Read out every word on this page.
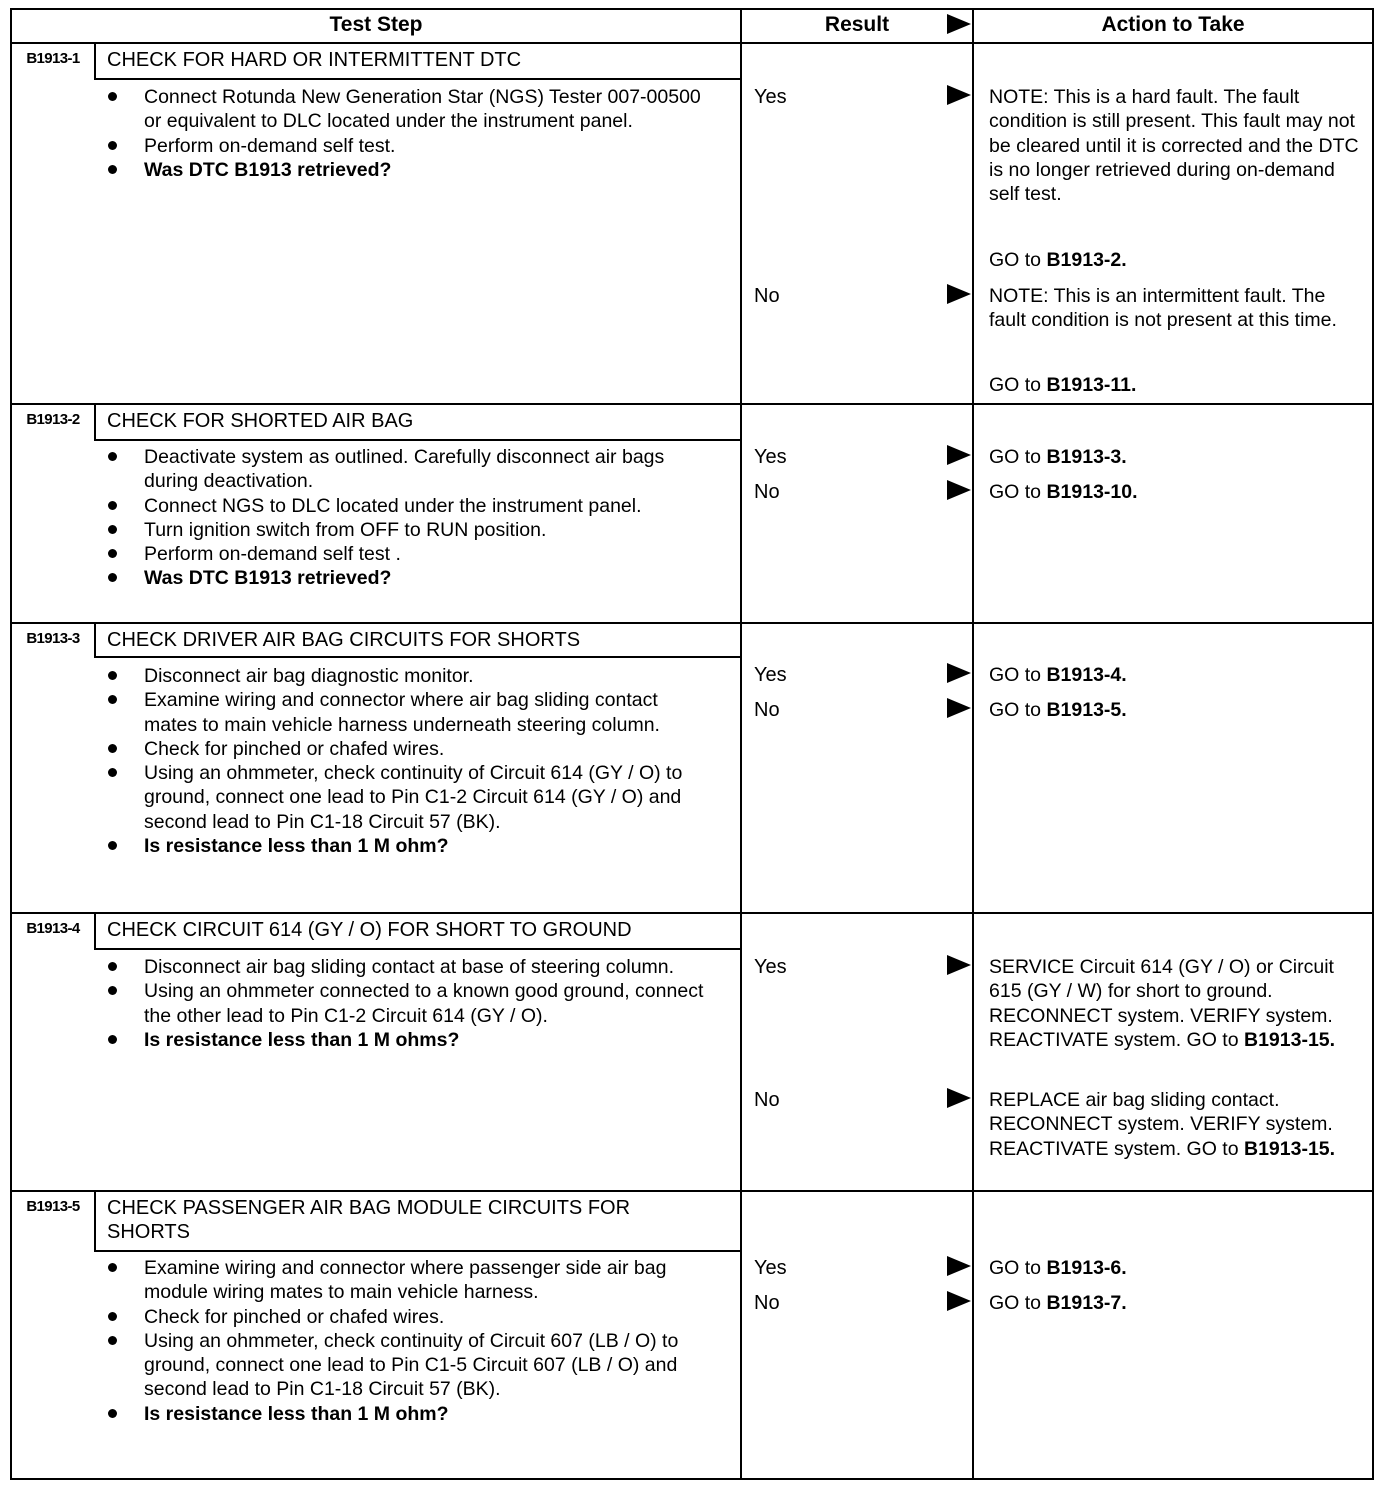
Test Step	Result	Action to Take
B1913-1	CHECK FOR HARD OR INTERMITTENT DTC
Connect Rotunda New Generation Star (NGS) Tester 007-00500 or equivalent to DLC located under the instrument panel.
Perform on-demand self test.
Was DTC B1913 retrieved?
Yes	NOTE: This is a hard fault. The fault condition is still present. This fault may not be cleared until it is corrected and the DTC is no longer retrieved during on-demand self test.
GO to B1913-2.
No	NOTE: This is an intermittent fault. The fault condition is not present at this time.
GO to B1913-11.
B1913-2	CHECK FOR SHORTED AIR BAG
Deactivate system as outlined. Carefully disconnect air bags during deactivation.
Connect NGS to DLC located under the instrument panel.
Turn ignition switch from OFF to RUN position.
Perform on-demand self test .
Was DTC B1913 retrieved?
Yes	GO to B1913-3.
No	GO to B1913-10.
B1913-3	CHECK DRIVER AIR BAG CIRCUITS FOR SHORTS
Disconnect air bag diagnostic monitor.
Examine wiring and connector where air bag sliding contact mates to main vehicle harness underneath steering column.
Check for pinched or chafed wires.
Using an ohmmeter, check continuity of Circuit 614 (GY / O) to ground, connect one lead to Pin C1-2 Circuit 614 (GY / O) and second lead to Pin C1-18 Circuit 57 (BK).
Is resistance less than 1 M ohm?
Yes	GO to B1913-4.
No	GO to B1913-5.
B1913-4	CHECK CIRCUIT 614 (GY / O) FOR SHORT TO GROUND
Disconnect air bag sliding contact at base of steering column.
Using an ohmmeter connected to a known good ground, connect the other lead to Pin C1-2 Circuit 614 (GY / O).
Is resistance less than 1 M ohms?
Yes	SERVICE Circuit 614 (GY / O) or Circuit 615 (GY / W) for short to ground. RECONNECT system. VERIFY system. REACTIVATE system. GO to B1913-15.
No	REPLACE air bag sliding contact. RECONNECT system. VERIFY system. REACTIVATE system. GO to B1913-15.
B1913-5	CHECK PASSENGER AIR BAG MODULE CIRCUITS FOR SHORTS
Examine wiring and connector where passenger side air bag module wiring mates to main vehicle harness.
Check for pinched or chafed wires.
Using an ohmmeter, check continuity of Circuit 607 (LB / O) to ground, connect one lead to Pin C1-5 Circuit 607 (LB / O) and second lead to Pin C1-18 Circuit 57 (BK).
Is resistance less than 1 M ohm?
Yes	GO to B1913-6.
No	GO to B1913-7.
